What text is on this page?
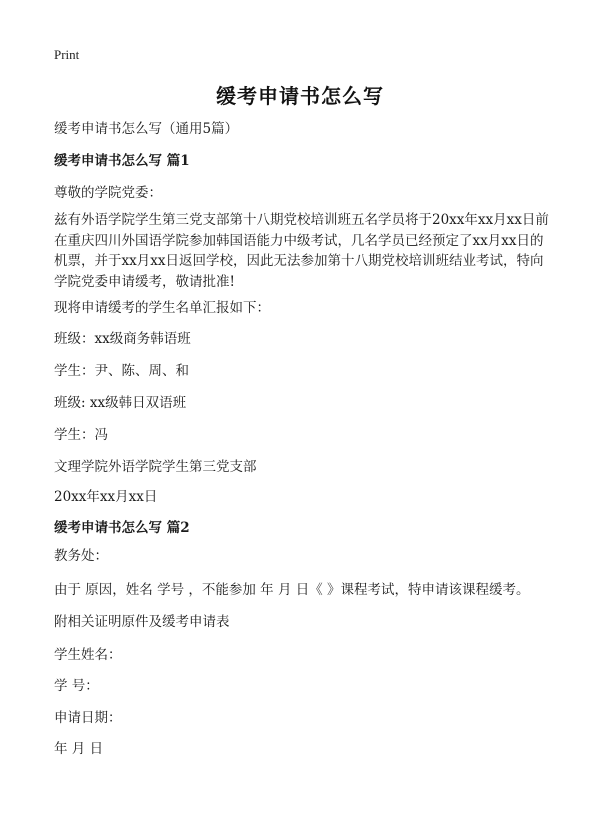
Print
缓考申请书怎么写
缓考申请书怎么写（通用5篇）
缓考申请书怎么写 篇1
尊敬的学院党委：
兹有外语学院学生第三党支部第十八期党校培训班五名学员将于20xx年xx月xx日前
在重庆四川外国语学院参加韩国语能力中级考试，几名学员已经预定了xx月xx日的
机票，并于xx月xx日返回学校，因此无法参加第十八期党校培训班结业考试，特向
学院党委申请缓考，敬请批准!
现将申请缓考的学生名单汇报如下：
班级：xx级商务韩语班
学生：尹、陈、周、和
班级: xx级韩日双语班
学生：冯
文理学院外语学院学生第三党支部
20xx年xx月xx日
缓考申请书怎么写 篇2
教务处：
由于 原因，姓名 学号 ，不能参加 年 月 日《 》课程考试，特申请该课程缓考。
附相关证明原件及缓考申请表
学生姓名：
学 号：
申请日期：
年 月 日
